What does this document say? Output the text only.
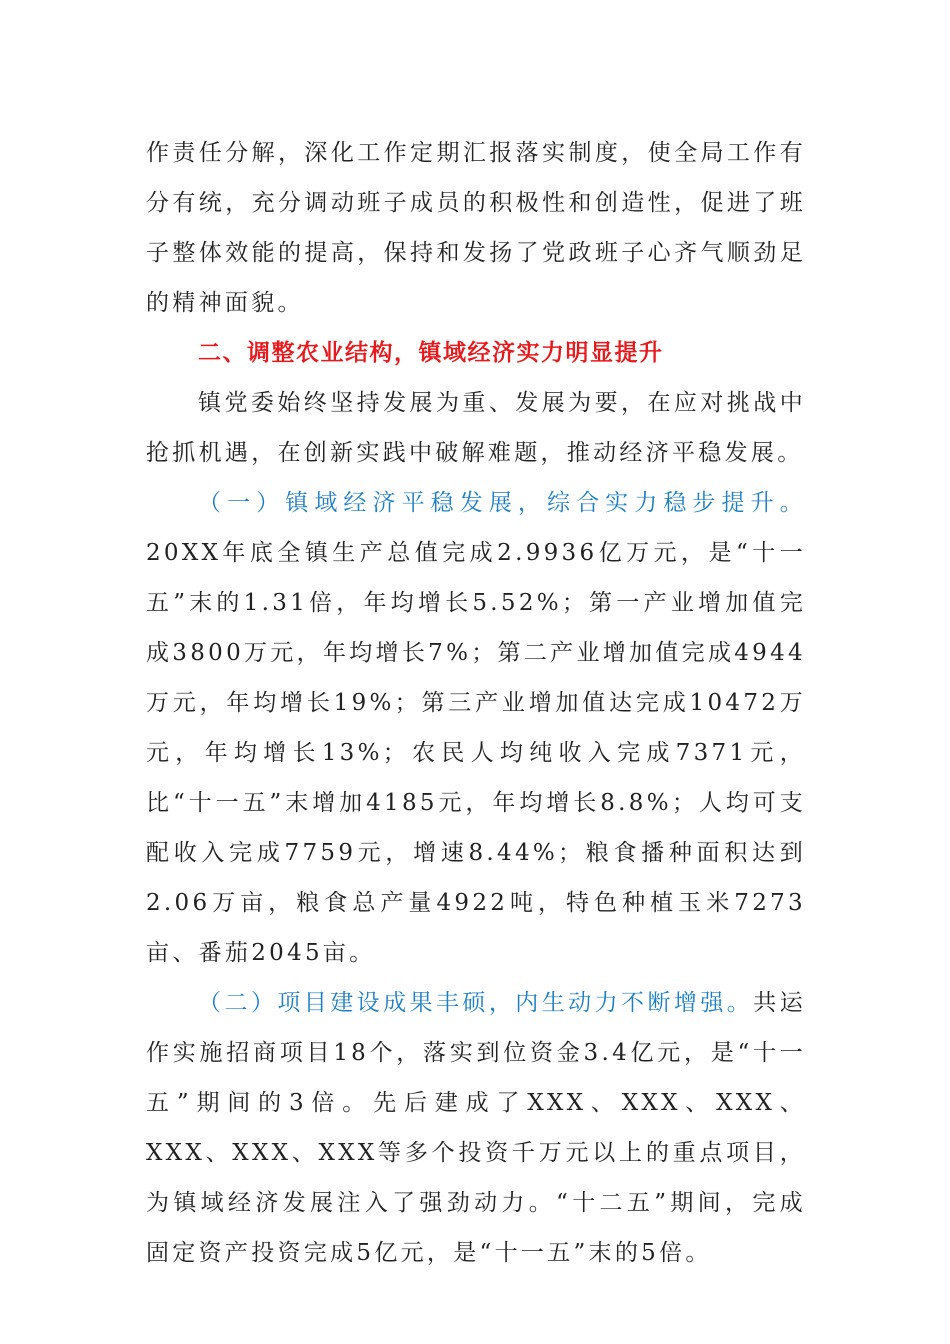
作责任分解，深化工作定期汇报落实制度，使全局工作有分有统，充分调动班子成员的积极性和创造性，促进了班子整体效能的提高，保持和发扬了党政班子心齐气顺劲足的精神面貌。

二、调整农业结构，镇域经济实力明显提升

镇党委始终坚持发展为重、发展为要，在应对挑战中抢抓机遇，在创新实践中破解难题，推动经济平稳发展。

（一）镇域经济平稳发展，综合实力稳步提升。20XX年底全镇生产总值完成2.9936亿万元，是“十一五”末的1.31倍，年均增长5.52%；第一产业增加值完成3800万元，年均增长7%；第二产业增加值完成4944万元，年均增长19%；第三产业增加值达完成10472万元，年均增长13%；农民人均纯收入完成7371元，比“十一五”末增加4185元，年均增长8.8%；人均可支配收入完成7759元，增速8.44%；粮食播种面积达到2.06万亩，粮食总产量4922吨，特色种植玉米7273亩、番茄2045亩。

（二）项目建设成果丰硕，内生动力不断增强。共运作实施招商项目18个，落实到位资金3.4亿元，是“十一五”期间的3倍。先后建成了XXX、XXX、XXX、XXX、XXX、XXX等多个投资千万元以上的重点项目，为镇域经济发展注入了强劲动力。“十二五”期间，完成固定资产投资完成5亿元，是“十一五”末的5倍。
